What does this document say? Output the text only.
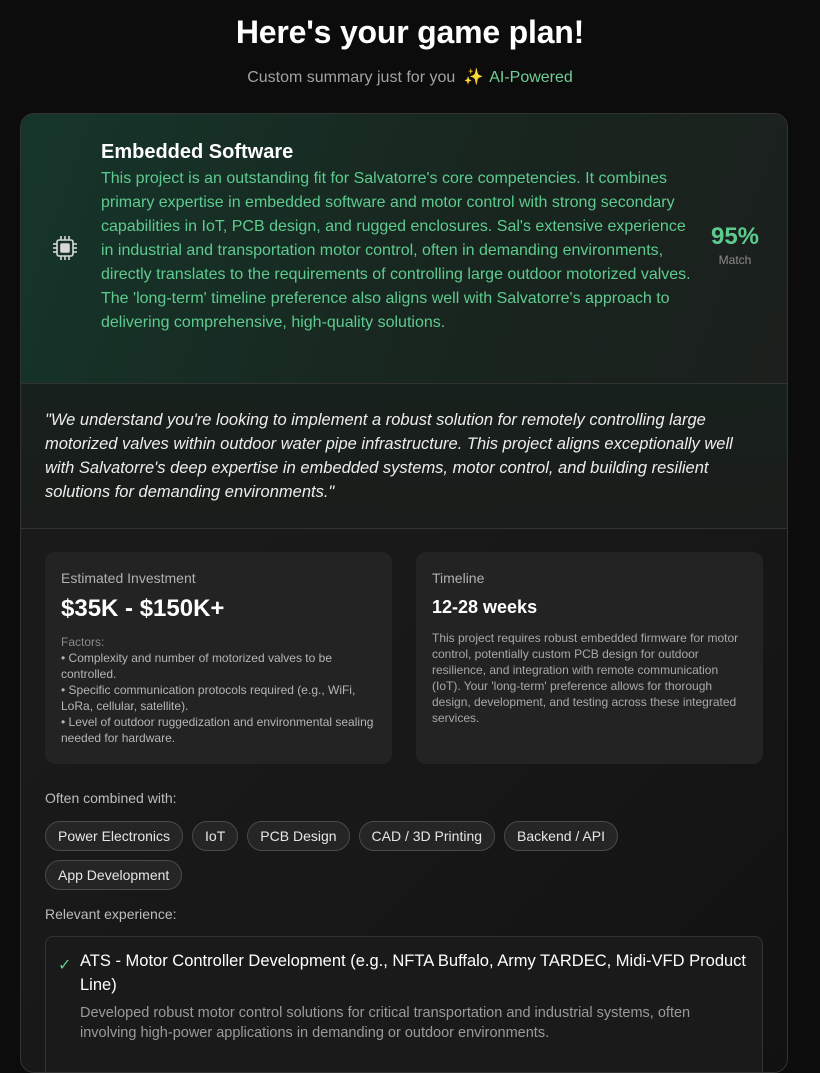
Here's your game plan!
Custom summary just for you ✨ AI-Powered
Embedded Software
This project is an outstanding fit for Salvatorre's core competencies. It combines primary expertise in embedded software and motor control with strong secondary capabilities in IoT, PCB design, and rugged enclosures. Sal's extensive experience in industrial and transportation motor control, often in demanding environments, directly translates to the requirements of controlling large outdoor motorized valves. The 'long-term' timeline preference also aligns well with Salvatorre's approach to delivering comprehensive, high-quality solutions.
95%
Match

"We understand you're looking to implement a robust solution for remotely controlling large motorized valves within outdoor water pipe infrastructure. This project aligns exceptionally well with Salvatorre's deep expertise in embedded systems, motor control, and building resilient solutions for demanding environments."

Estimated Investment
$35K - $150K+
Factors:
• Complexity and number of motorized valves to be controlled.
• Specific communication protocols required (e.g., WiFi, LoRa, cellular, satellite).
• Level of outdoor ruggedization and environmental sealing needed for hardware.
Timeline
12-28 weeks
This project requires robust embedded firmware for motor control, potentially custom PCB design for outdoor resilience, and integration with remote communication (IoT). Your 'long-term' preference allows for thorough design, development, and testing across these integrated services.
Often combined with:
Power Electronics	IoT	PCB Design	CAD / 3D Printing	Backend / API
App Development
Relevant experience:
✓ ATS - Motor Controller Development (e.g., NFTA Buffalo, Army TARDEC, Midi-VFD Product Line)
Developed robust motor control solutions for critical transportation and industrial systems, often involving high-power applications in demanding or outdoor environments.
